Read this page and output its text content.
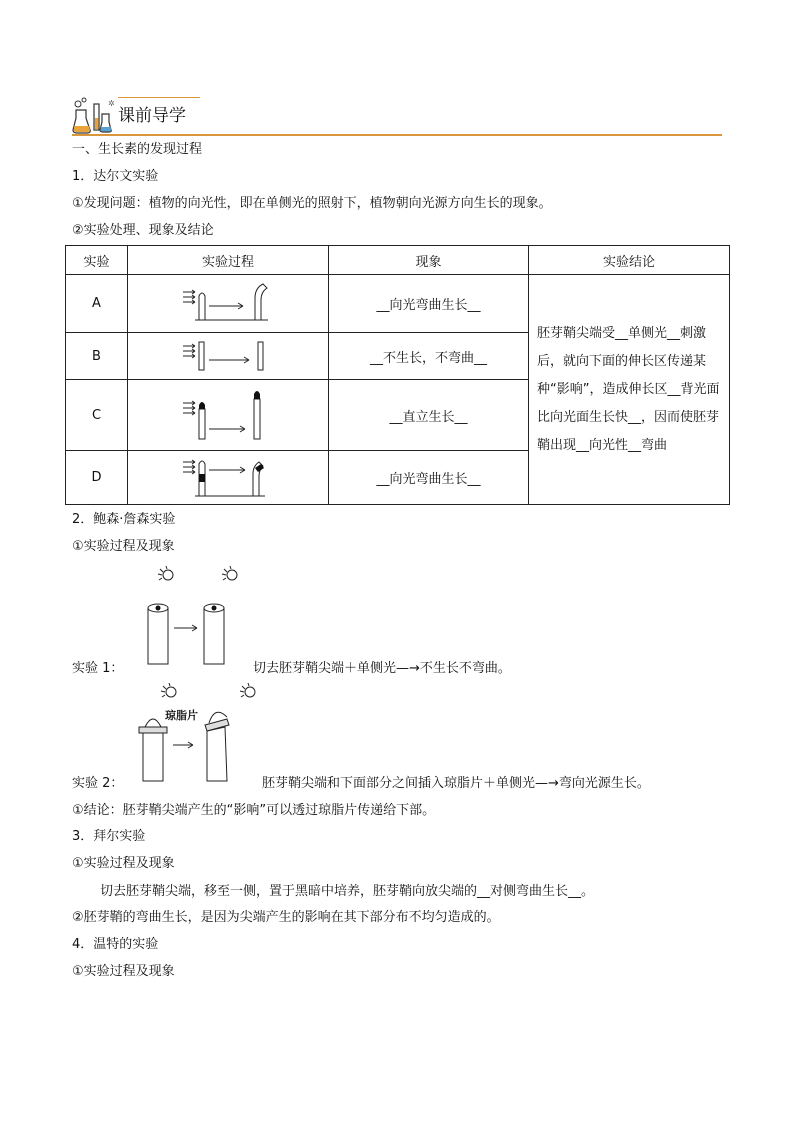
✲
课前导学
一、生长素的发现过程
1．达尔文实验
①发现问题：植物的向光性，即在单侧光的照射下，植物朝向光源方向生长的现象。
②实验处理、现象及结论
实验	实验过程	现象	实验结论
A		__向光弯曲生长__	胚芽鞘尖端受__单侧光__刺激后，就向下面的伸长区传递某种“影响”，造成伸长区__背光面比向光面生长快__，因而使胚芽鞘出现__向光性__弯曲
B		__不生长，不弯曲__	
C		__直立生长__	
D		__向光弯曲生长__	
2．鲍森·詹森实验
①实验过程及现象
实验 1：	切去胚芽鞘尖端＋单侧光—→不生长不弯曲。
琼脂片
实验 2：	胚芽鞘尖端和下面部分之间插入琼脂片＋单侧光—→弯向光源生长。
①结论：胚芽鞘尖端产生的“影响”可以透过琼脂片传递给下部。
3．拜尔实验
①实验过程及现象
切去胚芽鞘尖端，移至一侧，置于黑暗中培养，胚芽鞘向放尖端的__对侧弯曲生长__。
②胚芽鞘的弯曲生长，是因为尖端产生的影响在其下部分布不均匀造成的。
4．温特的实验
①实验过程及现象
